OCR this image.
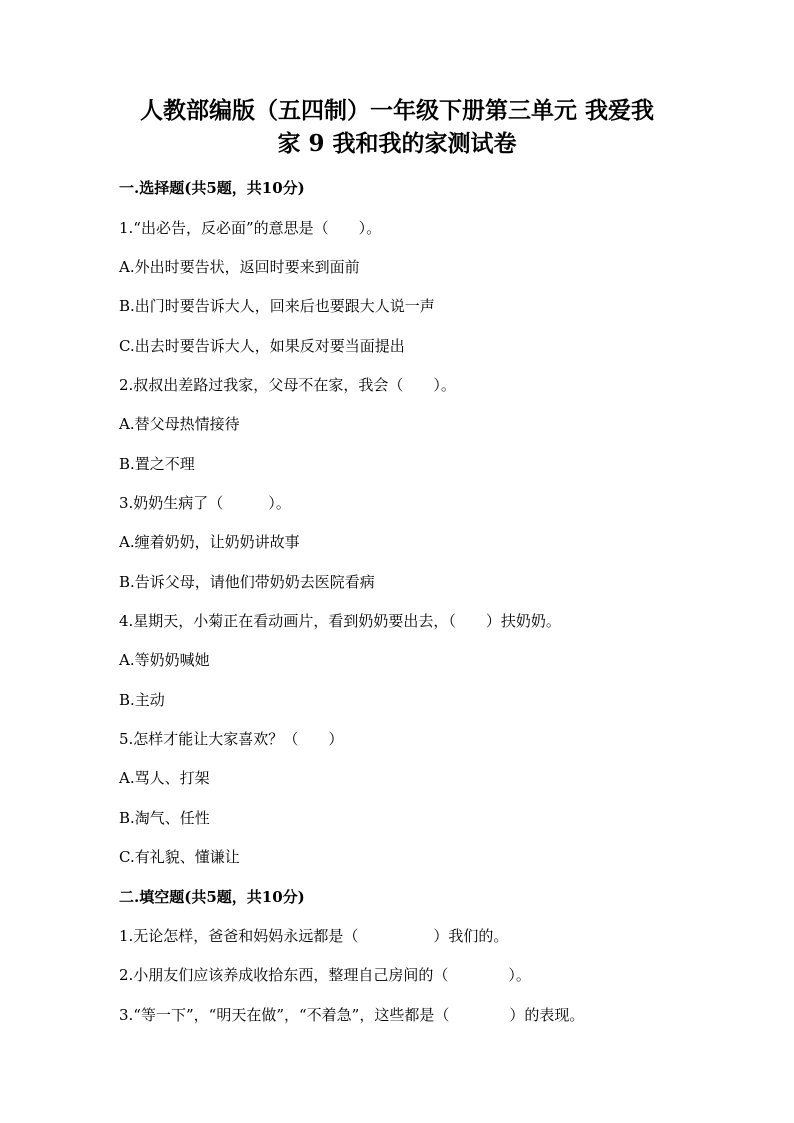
人教部编版（五四制）一年级下册第三单元 我爱我
家 9 我和我的家测试卷
一.选择题(共5题，共10分)
1.“出必告，反必面”的意思是（　　）。
A.外出时要告状，返回时要来到面前
B.出门时要告诉大人，回来后也要跟大人说一声
C.出去时要告诉大人，如果反对要当面提出
2.叔叔出差路过我家，父母不在家，我会（　　）。
A.替父母热情接待
B.置之不理
3.奶奶生病了（　　　）。
A.缠着奶奶，让奶奶讲故事
B.告诉父母，请他们带奶奶去医院看病
4.星期天，小菊正在看动画片，看到奶奶要出去，（　　）扶奶奶。
A.等奶奶喊她
B.主动
5.怎样才能让大家喜欢？（　　）
A.骂人、打架
B.淘气、任性
C.有礼貌、懂谦让
二.填空题(共5题，共10分)
1.无论怎样，爸爸和妈妈永远都是（　　　　　）我们的。
2.小朋友们应该养成收拾东西，整理自己房间的（　　　　）。
3.“等一下”，“明天在做”，“不着急”，这些都是（　　　　）的表现。
